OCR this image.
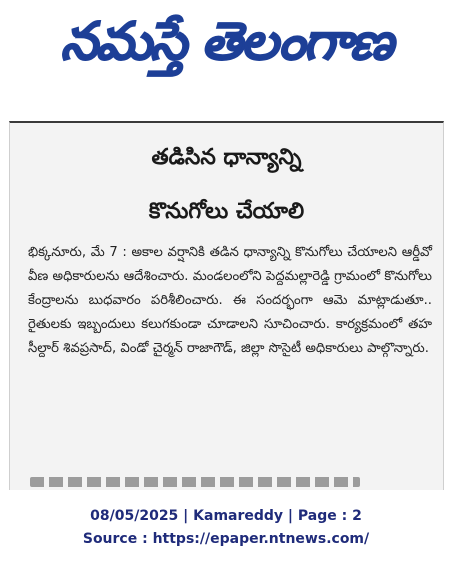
నమస్తే తెలంగాణ
తడిసిన ధాన్యాన్ని
కొనుగోలు చేయాలి
భిక్కనూరు, మే 7 : అకాల వర్షానికి తడిన ధాన్యాన్ని కొనుగోలు చేయాలని ఆర్డీవో వీణ అధికారులను ఆదేశించారు. మండలంలోని పెద్దమల్లారెడ్డి గ్రామంలో కొనుగోలు కేంద్రాలను బుధవారం పరిశీలించారు. ఈ సందర్భంగా ఆమె మాట్లాడుతూ.. రైతులకు ఇబ్బందులు కలుగకుండా చూడాలని సూచించారు. కార్యక్రమంలో తహసీల్దార్ శివప్రసాద్, విండో చైర్మన్ రాజాగౌడ్, జిల్లా సొసైటీ అధికారులు పాల్గొన్నారు.
08/05/2025 | Kamareddy | Page : 2
Source : https://epaper.ntnews.com/
